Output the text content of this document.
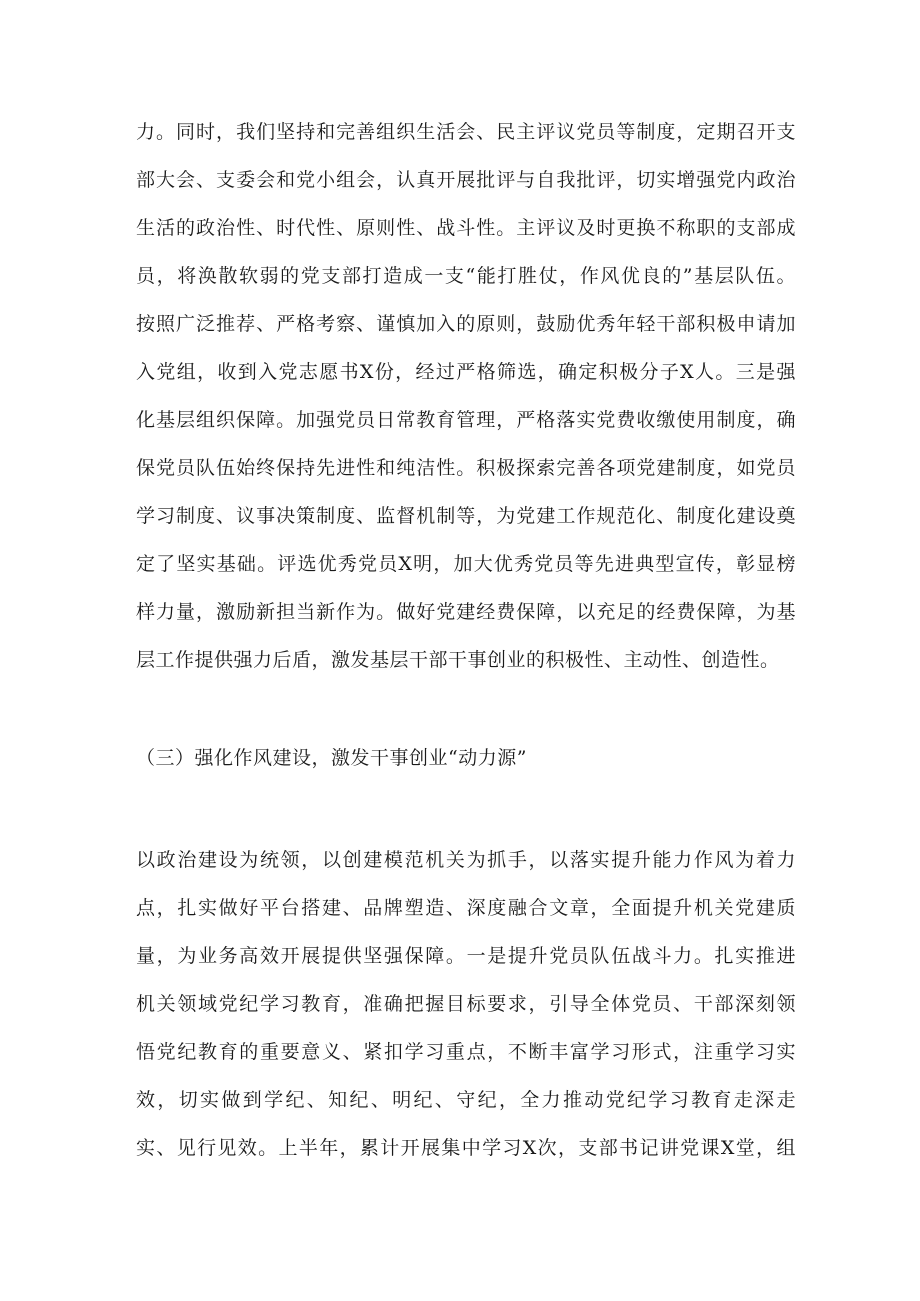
力。同时，我们坚持和完善组织生活会、民主评议党员等制度，定期召开支
部大会、支委会和党小组会，认真开展批评与自我批评，切实增强党内政治
生活的政治性、时代性、原则性、战斗性。主评议及时更换不称职的支部成
员，将涣散软弱的党支部打造成一支“能打胜仗，作风优良的”基层队伍。
按照广泛推荐、严格考察、谨慎加入的原则，鼓励优秀年轻干部积极申请加
入党组，收到入党志愿书X份，经过严格筛选，确定积极分子X人。三是强
化基层组织保障。加强党员日常教育管理，严格落实党费收缴使用制度，确
保党员队伍始终保持先进性和纯洁性。积极探索完善各项党建制度，如党员
学习制度、议事决策制度、监督机制等，为党建工作规范化、制度化建设奠
定了坚实基础。评选优秀党员X明，加大优秀党员等先进典型宣传，彰显榜
样力量，激励新担当新作为。做好党建经费保障，以充足的经费保障，为基
层工作提供强力后盾，激发基层干部干事创业的积极性、主动性、创造性。
（三）强化作风建设，激发干事创业“动力源”
以政治建设为统领，以创建模范机关为抓手，以落实提升能力作风为着力
点，扎实做好平台搭建、品牌塑造、深度融合文章，全面提升机关党建质
量，为业务高效开展提供坚强保障。一是提升党员队伍战斗力。扎实推进
机关领域党纪学习教育，准确把握目标要求，引导全体党员、干部深刻领
悟党纪教育的重要意义、紧扣学习重点，不断丰富学习形式，注重学习实
效，切实做到学纪、知纪、明纪、守纪，全力推动党纪学习教育走深走
实、见行见效。上半年，累计开展集中学习X次，支部书记讲党课X堂，组
